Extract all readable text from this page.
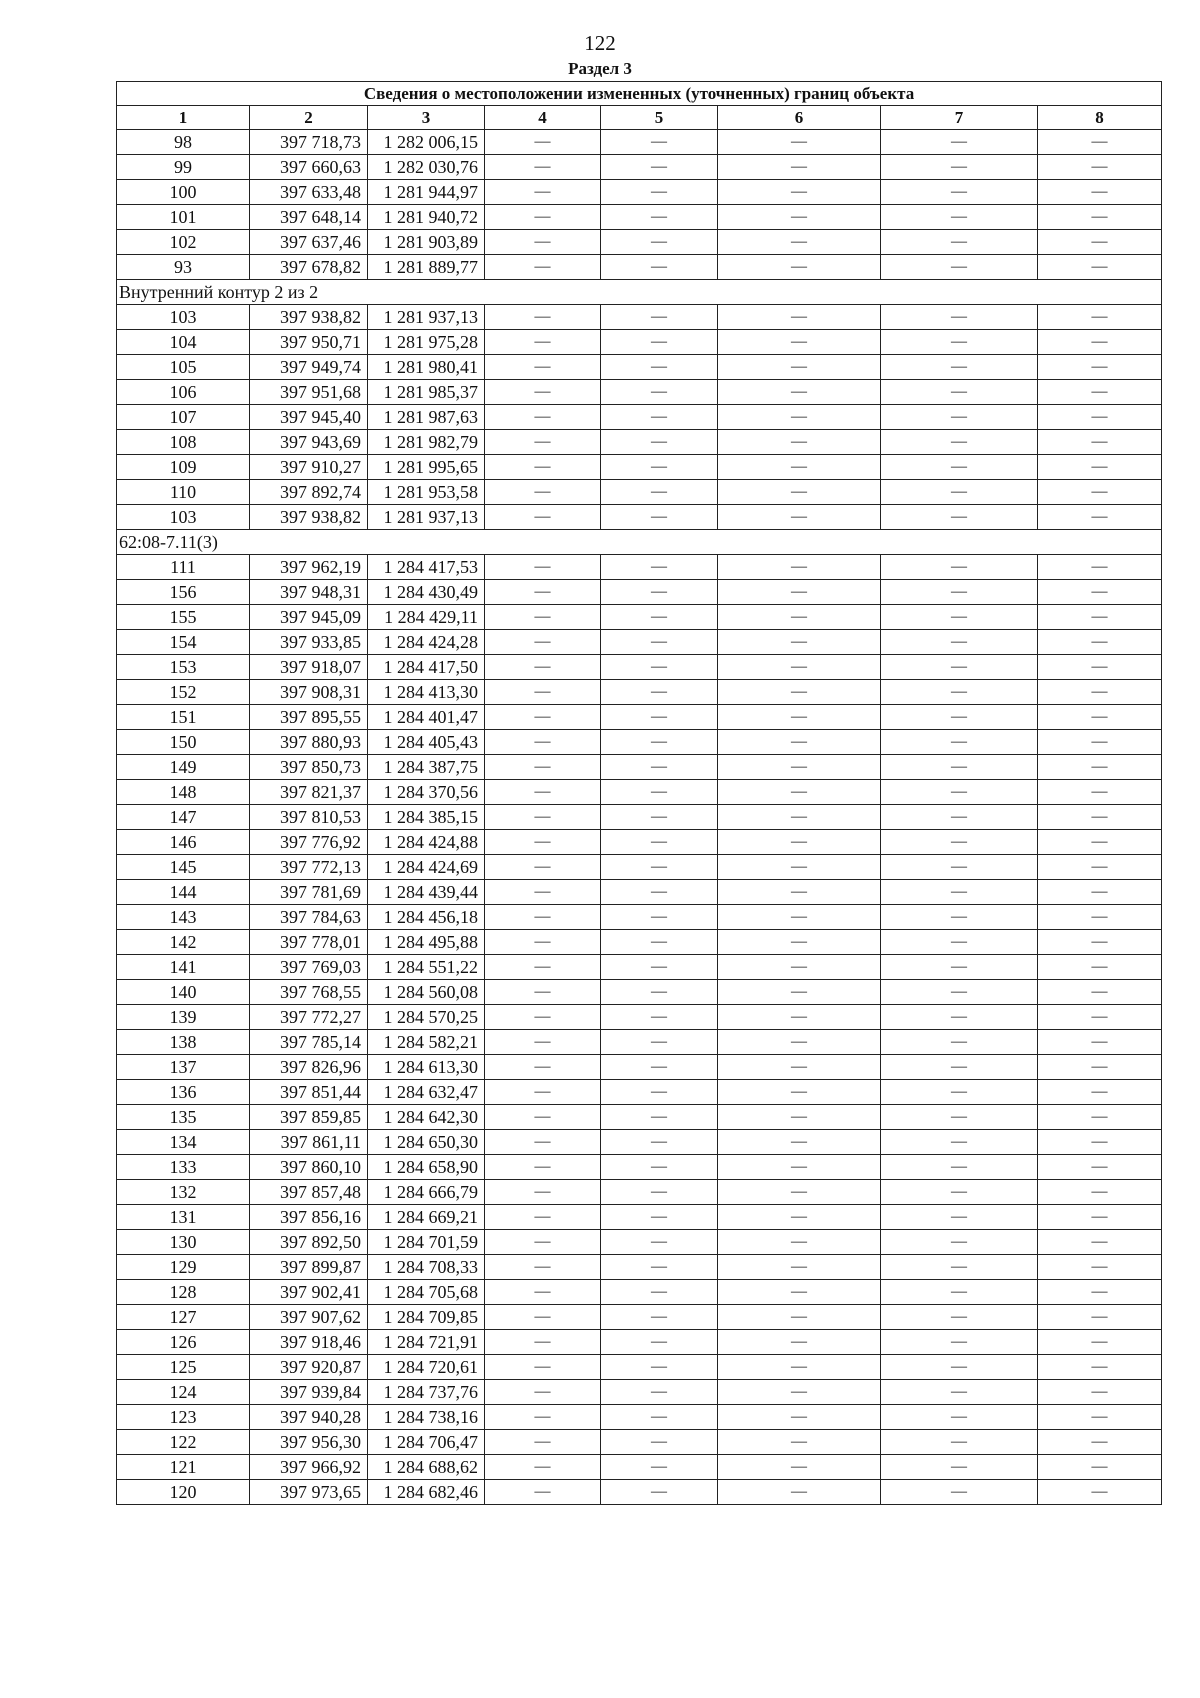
122
Раздел 3
Сведения о местоположении измененных (уточненных) границ объекта							
1	2	3	4	5	6	7	8
98	397 718,73	1 282 006,15	—	—	—	—	—
99	397 660,63	1 282 030,76	—	—	—	—	—
100	397 633,48	1 281 944,97	—	—	—	—	—
101	397 648,14	1 281 940,72	—	—	—	—	—
102	397 637,46	1 281 903,89	—	—	—	—	—
93	397 678,82	1 281 889,77	—	—	—	—	—
Внутренний контур 2 из 2							
103	397 938,82	1 281 937,13	—	—	—	—	—
104	397 950,71	1 281 975,28	—	—	—	—	—
105	397 949,74	1 281 980,41	—	—	—	—	—
106	397 951,68	1 281 985,37	—	—	—	—	—
107	397 945,40	1 281 987,63	—	—	—	—	—
108	397 943,69	1 281 982,79	—	—	—	—	—
109	397 910,27	1 281 995,65	—	—	—	—	—
110	397 892,74	1 281 953,58	—	—	—	—	—
103	397 938,82	1 281 937,13	—	—	—	—	—
62:08-7.11(3)							
111	397 962,19	1 284 417,53	—	—	—	—	—
156	397 948,31	1 284 430,49	—	—	—	—	—
155	397 945,09	1 284 429,11	—	—	—	—	—
154	397 933,85	1 284 424,28	—	—	—	—	—
153	397 918,07	1 284 417,50	—	—	—	—	—
152	397 908,31	1 284 413,30	—	—	—	—	—
151	397 895,55	1 284 401,47	—	—	—	—	—
150	397 880,93	1 284 405,43	—	—	—	—	—
149	397 850,73	1 284 387,75	—	—	—	—	—
148	397 821,37	1 284 370,56	—	—	—	—	—
147	397 810,53	1 284 385,15	—	—	—	—	—
146	397 776,92	1 284 424,88	—	—	—	—	—
145	397 772,13	1 284 424,69	—	—	—	—	—
144	397 781,69	1 284 439,44	—	—	—	—	—
143	397 784,63	1 284 456,18	—	—	—	—	—
142	397 778,01	1 284 495,88	—	—	—	—	—
141	397 769,03	1 284 551,22	—	—	—	—	—
140	397 768,55	1 284 560,08	—	—	—	—	—
139	397 772,27	1 284 570,25	—	—	—	—	—
138	397 785,14	1 284 582,21	—	—	—	—	—
137	397 826,96	1 284 613,30	—	—	—	—	—
136	397 851,44	1 284 632,47	—	—	—	—	—
135	397 859,85	1 284 642,30	—	—	—	—	—
134	397 861,11	1 284 650,30	—	—	—	—	—
133	397 860,10	1 284 658,90	—	—	—	—	—
132	397 857,48	1 284 666,79	—	—	—	—	—
131	397 856,16	1 284 669,21	—	—	—	—	—
130	397 892,50	1 284 701,59	—	—	—	—	—
129	397 899,87	1 284 708,33	—	—	—	—	—
128	397 902,41	1 284 705,68	—	—	—	—	—
127	397 907,62	1 284 709,85	—	—	—	—	—
126	397 918,46	1 284 721,91	—	—	—	—	—
125	397 920,87	1 284 720,61	—	—	—	—	—
124	397 939,84	1 284 737,76	—	—	—	—	—
123	397 940,28	1 284 738,16	—	—	—	—	—
122	397 956,30	1 284 706,47	—	—	—	—	—
121	397 966,92	1 284 688,62	—	—	—	—	—
120	397 973,65	1 284 682,46	—	—	—	—	—
